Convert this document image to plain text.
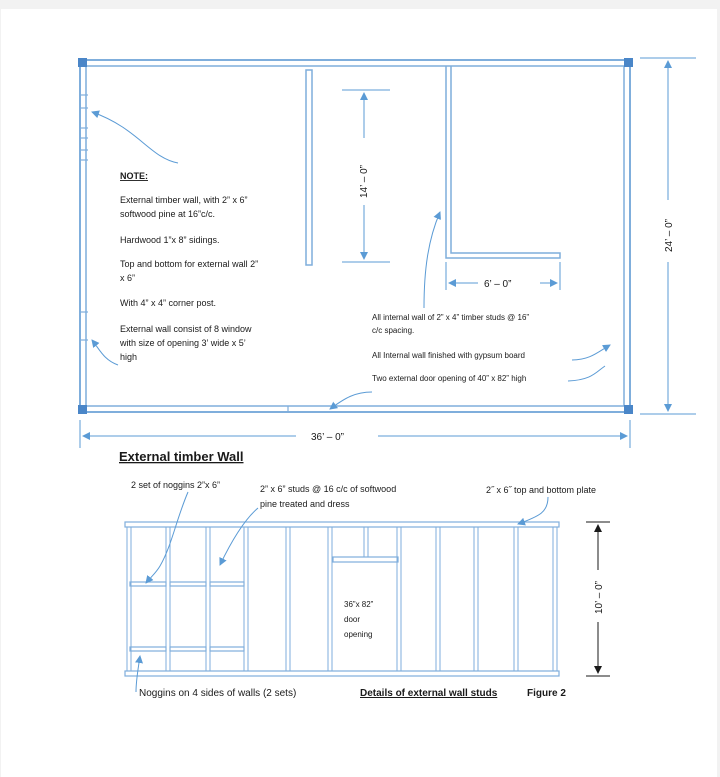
14’ – 0”
6’ – 0”
36’ – 0”
24’ – 0”
NOTE:
External timber wall, with 2” x 6”
softwood pine at 16”c/c.
Hardwood 1”x 8” sidings.
Top and bottom for external wall 2”
x 6”
With 4” x 4” corner post.
External wall consist of 8 window
with size of opening 3’ wide x 5’
high
All internal wall of 2” x 4” timber studs @ 16”
c/c spacing.
All Internal wall finished with gypsum board
Two external door opening of 40” x 82” high
External timber Wall
2 set of noggins 2”x 6”	2” x 6” studs @ 16 c/c of softwood
pine treated and dress
2˝ x 6˝ top and bottom plate
36”x 82”
door
opening
10’ – 0”
Noggins on 4 sides of walls (2 sets)	Details of external wall studs	Figure 2
